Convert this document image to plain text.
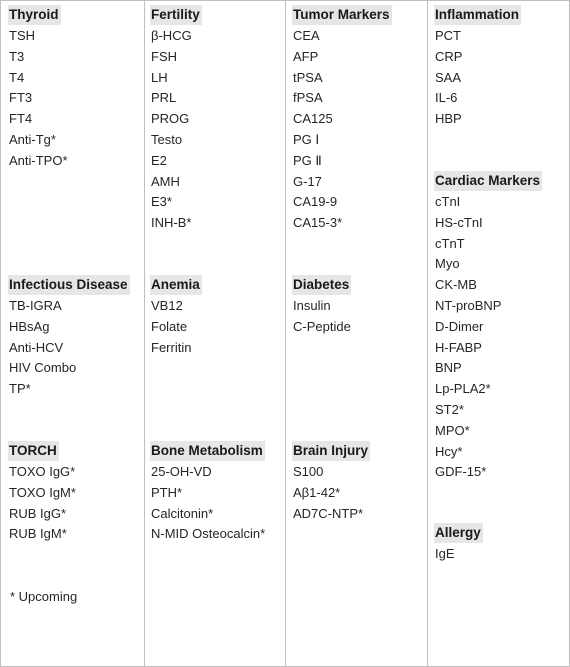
Thyroid
TSH
T3
T4
FT3
FT4
Anti-Tg*
Anti-TPO*
Fertility
β-HCG
FSH
LH
PRL
PROG
Testo
E2
AMH
E3*
INH-B*
Tumor Markers
CEA
AFP
tPSA
fPSA
CA125
PG Ⅰ
PG Ⅱ
G-17
CA19-9
CA15-3*
Inflammation
PCT
CRP
SAA
IL-6
HBP
Cardiac Markers
cTnI
HS-cTnI
cTnT
Myo
CK-MB
NT-proBNP
D-Dimer
H-FABP
BNP
Lp-PLA2*
ST2*
MPO*
Hcy*
GDF-15*
Infectious Disease
TB-IGRA
HBsAg
Anti-HCV
HIV Combo
TP*
Anemia
VB12
Folate
Ferritin
Diabetes
Insulin
C-Peptide
TORCH
TOXO IgG*
TOXO IgM*
RUB IgG*
RUB IgM*
Bone Metabolism
25-OH-VD
PTH*
Calcitonin*
N-MID Osteocalcin*
Brain Injury
S100
Aβ1-42*
AD7C-NTP*
Allergy
IgE
* Upcoming
